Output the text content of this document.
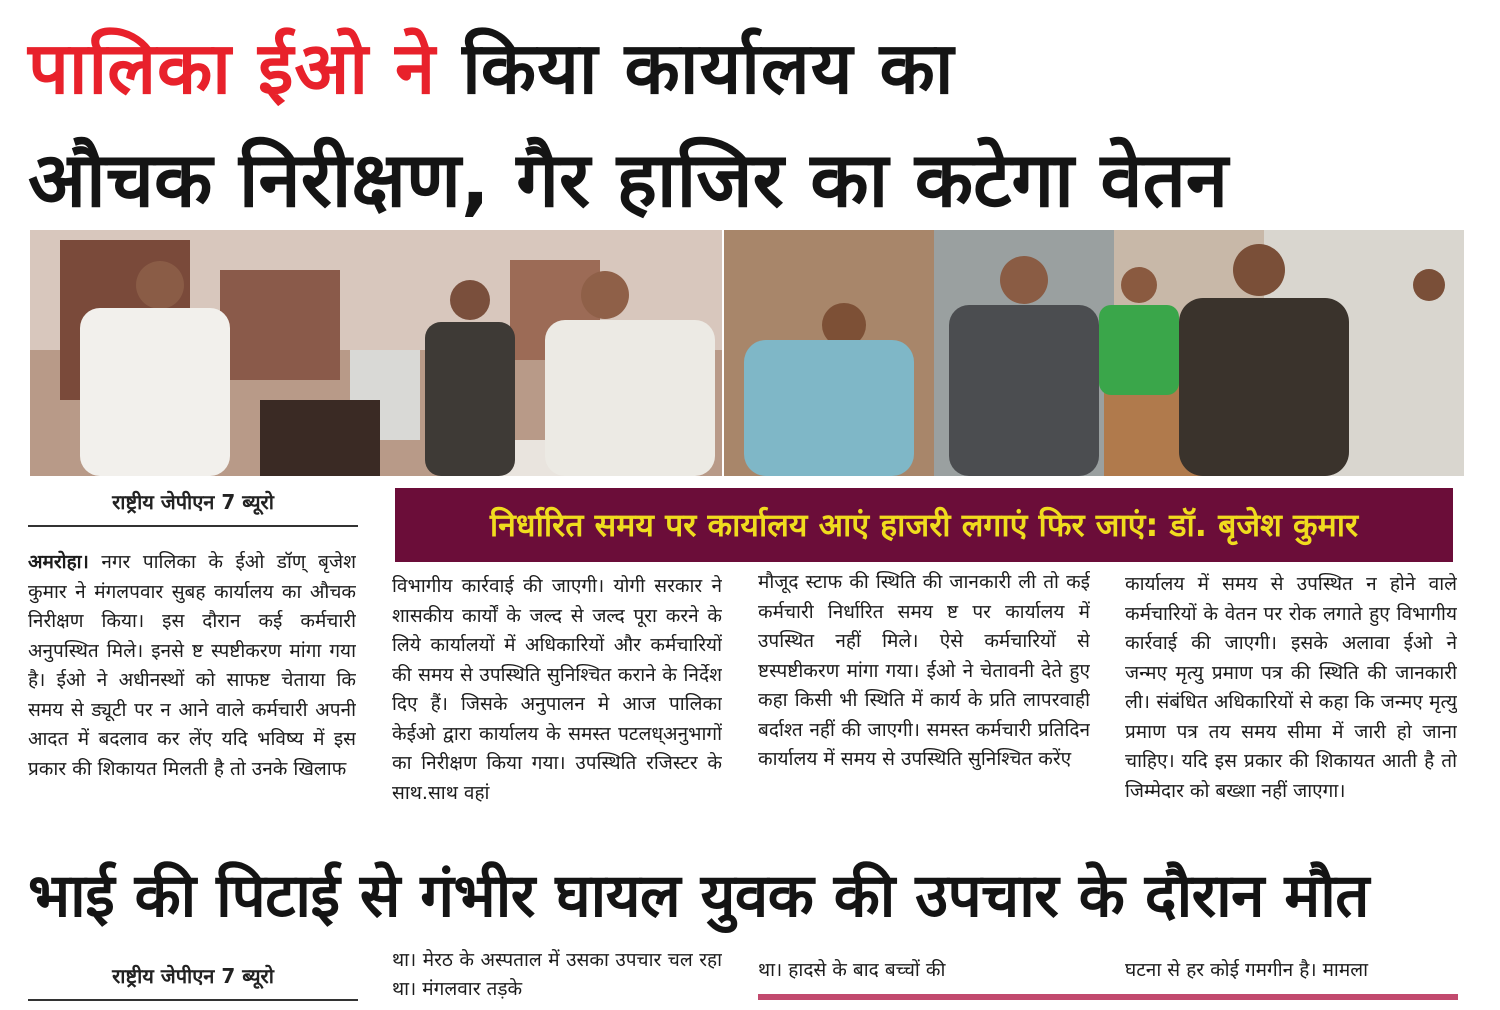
पालिका ईओ ने किया कार्यालय का
औचक निरीक्षण, गैर हाजिर का कटेगा वेतन
राष्ट्रीय जेपीएन 7 ब्यूरो
निर्धारित समय पर कार्यालय आएं हाजरी लगाएं फिर जाएं: डॉ. बृजेश कुमार

अमरोहा। नगर पालिका के ईओ डॉण् बृजेश कुमार ने मंगलपवार सुबह कार्यालय का औचक निरीक्षण किया। इस दौरान कई कर्मचारी अनुपस्थित मिले। इनसे ष्ट स्पष्टीकरण मांगा गया है। ईओ ने अधीनस्थों को साफष्ट चेताया कि समय से ड्यूटी पर न आने वाले कर्मचारी अपनी आदत में बदलाव कर लेंए यदि भविष्य में इस प्रकार की शिकायत मिलती है तो उनके खिलाफ

विभागीय कार्रवाई की जाएगी। योगी सरकार ने शासकीय कार्यों के जल्द से जल्द पूरा करने के लिये कार्यालयों में अधिकारियों और कर्मचारियों की समय से उपस्थिति सुनिश्चित कराने के निर्देश दिए हैं। जिसके अनुपालन मे आज पालिका केईओ द्वारा कार्यालय के समस्त पटलध्अनुभागों का निरीक्षण किया गया। उपस्थिति रजिस्टर के साथ.साथ वहां

मौजूद स्टाफ की स्थिति की जानकारी ली तो कई कर्मचारी निर्धारित समय ष्ट पर कार्यालय में उपस्थित नहीं मिले। ऐसे कर्मचारियों से ष्टस्पष्टीकरण मांगा गया। ईओ ने चेतावनी देते हुए कहा किसी भी स्थिति में कार्य के प्रति लापरवाही बर्दाश्त नहीं की जाएगी। समस्त कर्मचारी प्रतिदिन कार्यालय में समय से उपस्थिति सुनिश्चित करेंए

कार्यालय में समय से उपस्थित न होने वाले कर्मचारियों के वेतन पर रोक लगाते हुए विभागीय कार्रवाई की जाएगी। इसके अलावा ईओ ने जन्मए मृत्यु प्रमाण पत्र की स्थिति की जानकारी ली। संबंधित अधिकारियों से कहा कि जन्मए मृत्यु प्रमाण पत्र तय समय सीमा में जारी हो जाना चाहिए। यदि इस प्रकार की शिकायत आती है तो जिम्मेदार को बख्शा नहीं जाएगा।

भाई की पिटाई से गंभीर घायल युवक की उपचार के दौरान मौत
राष्ट्रीय जेपीएन 7 ब्यूरो
था। मेरठ के अस्पताल में उसका उपचार चल रहा था। मंगलवार तड़के
था। हादसे के बाद बच्चों की	घटना से हर कोई गमगीन है। मामला
